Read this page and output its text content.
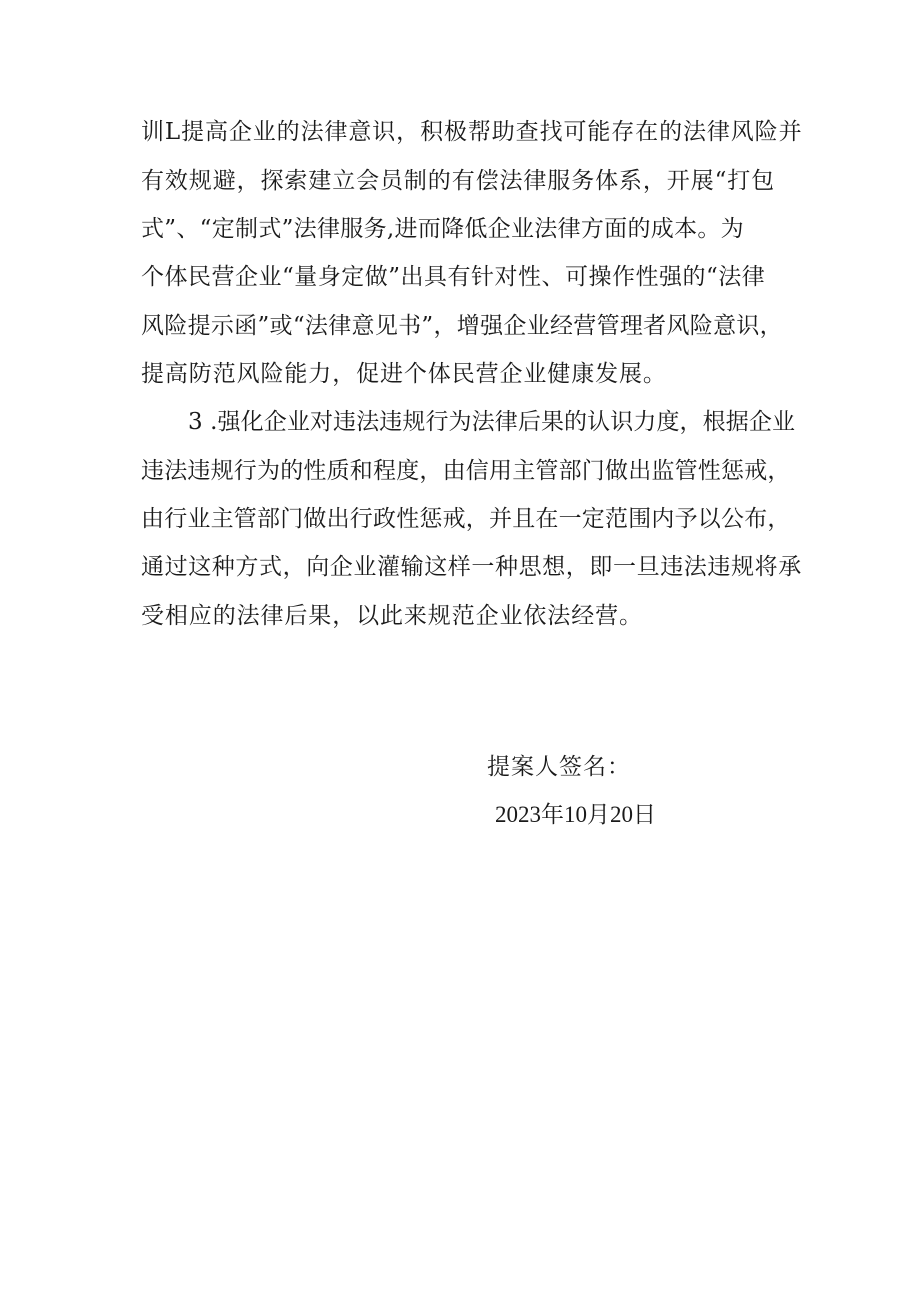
训L提高企业的法律意识，积极帮助查找可能存在的法律风险并
有效规避，探索建立会员制的有偿法律服务体系，开展“打包
式”、“定制式”法律服务,进而降低企业法律方面的成本。为
个体民营企业“量身定做”出具有针对性、可操作性强的“法律
风险提示函”或“法律意见书”，增强企业经营管理者风险意识，
提高防范风险能力，促进个体民营企业健康发展。
3 .强化企业对违法违规行为法律后果的认识力度，根据企业
违法违规行为的性质和程度，由信用主管部门做出监管性惩戒，
由行业主管部门做出行政性惩戒，并且在一定范围内予以公布，
通过这种方式，向企业灌输这样一种思想，即一旦违法违规将承
受相应的法律后果，以此来规范企业依法经营。
提案人签名：
2023年10月20日
